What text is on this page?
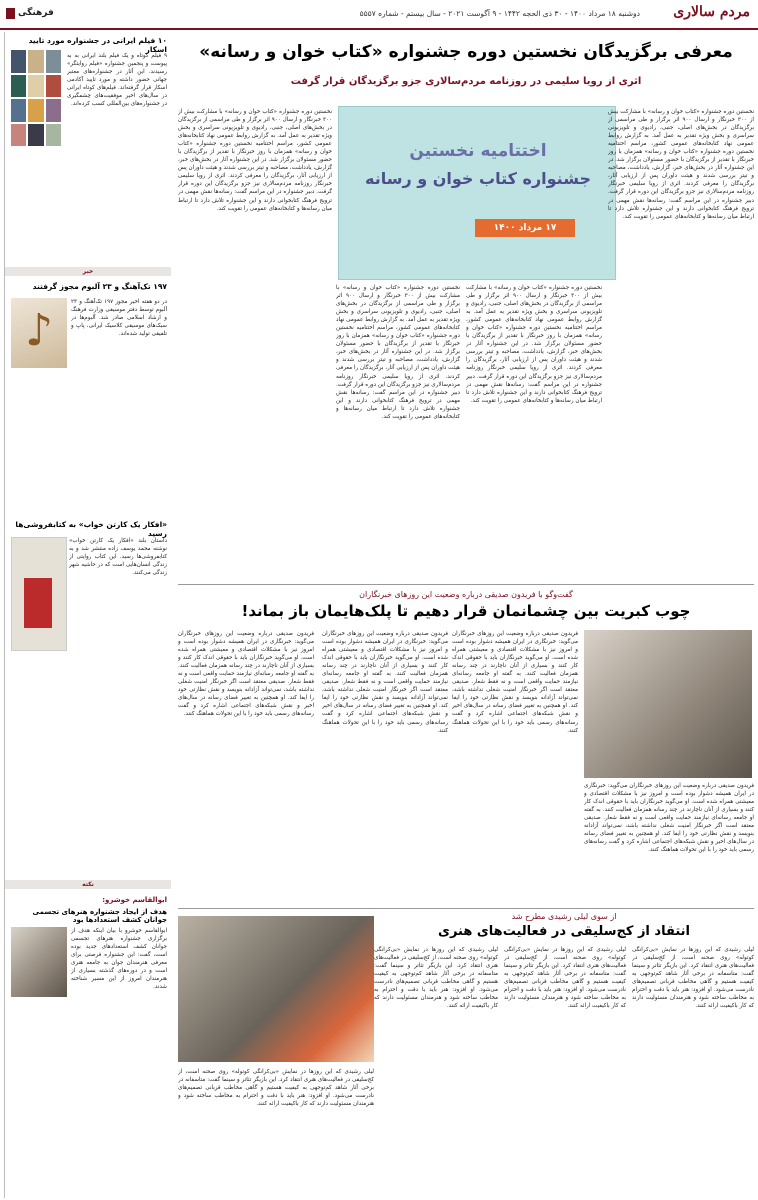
مردم سالاری
دوشنبه ۱۸ مرداد ۱۴۰۰ - ۳۰ ذی الحجه ۱۴۴۲ - ۹ آگوست ۲۰۲۱ - سال بیستم - شماره ۵۵۵۷
فرهنگی
۱۰ فیلم ایرانی در جشنواره مورد تایید اسکار
۹ فیلم کوتاه و یک فیلم بلند ایرانی به به پیوست و پنجمین جشنواره «فیلم روایتگر» رسیدند. این آثار در جشنواره‌های معتبر جهانی حضور داشته و مورد تایید آکادمی اسکار قرار گرفته‌اند. فیلم‌های کوتاه ایرانی در سال‌های اخیر موفقیت‌های چشمگیری در جشنواره‌های بین‌المللی کسب کرده‌اند.
خبر
۱۹۷ تک‌آهنگ و ۲۳ آلبوم مجوز گرفتند
♪
در دو هفته اخیر مجوز ۱۹۷ تک‌آهنگ و ۲۳ آلبوم توسط دفتر موسیقی وزارت فرهنگ و ارشاد اسلامی صادر شد. آلبوم‌ها در سبک‌های موسیقی کلاسیک ایرانی، پاپ و تلفیقی تولید شده‌اند.
«افکار یک کارتن خواب» به کتابفروشی‌ها رسید
داستان بلند «افکار یک کارتن خواب» نوشته محمد یوسف زاده منتشر شد و به کتابفروشی‌ها رسید. این کتاب روایتی از زندگی انسان‌هایی است که در حاشیه شهر زندگی می‌کنند.
نکته
ابوالقاسم خوشرو:
هدف از ایجاد جشنواره هنرهای تجسمی جوانان کشف استعدادها بود
ابوالقاسم خوشرو با بیان اینکه هدف از برگزاری جشنواره هنرهای تجسمی جوانان کشف استعدادهای جدید بوده است، گفت: این جشنواره فرصتی برای معرفی هنرمندان جوان به جامعه هنری است و در دوره‌های گذشته بسیاری از هنرمندان امروز از این مسیر شناخته شدند.
معرفی برگزیدگان نخستین دوره جشنواره «کتاب خوان و رسانه»
اثری از رویا سلیمی در روزنامه مردم‌سالاری جزو برگزیدگان قرار گرفت
اختتامیه نخستین
جشنواره کتاب خوان و رسانه
۱۷ مرداد ۱۴۰۰
نخستین دوره جشنواره «کتاب خوان و رسانه» با مشارکت بیش از ۳۰۰ خبرنگار و ارسال ۹۰۰ اثر برگزار و طی مراسمی از برگزیدگان در بخش‌های اصلی، جنبی، رادیوی و تلویزیونی سراسری و بخش ویژه تقدیر به عمل آمد. به گزارش روابط عمومی نهاد کتابخانه‌های عمومی کشور، مراسم اختتامیه نخستین دوره جشنواره «کتاب خوان و رسانه» همزمان با روز خبرنگار با تقدیر از برگزیدگان با حضور مسئولان برگزار شد. در این جشنواره آثار در بخش‌های خبر، گزارش، یادداشت، مصاحبه و تیتر بررسی شدند و هیئت داوران پس از ارزیابی آثار، برگزیدگان را معرفی کردند. اثری از رویا سلیمی خبرنگار روزنامه مردم‌سالاری نیز جزو برگزیدگان این دوره قرار گرفت. دبیر جشنواره در این مراسم گفت: رسانه‌ها نقش مهمی در ترویج فرهنگ کتابخوانی دارند و این جشنواره تلاش دارد تا ارتباط میان رسانه‌ها و کتابخانه‌های عمومی را تقویت کند.
نخستین دوره جشنواره «کتاب خوان و رسانه» با مشارکت بیش از ۳۰۰ خبرنگار و ارسال ۹۰۰ اثر برگزار و طی مراسمی از برگزیدگان در بخش‌های اصلی، جنبی، رادیوی و تلویزیونی سراسری و بخش ویژه تقدیر به عمل آمد. به گزارش روابط عمومی نهاد کتابخانه‌های عمومی کشور، مراسم اختتامیه نخستین دوره جشنواره «کتاب خوان و رسانه» همزمان با روز خبرنگار با تقدیر از برگزیدگان با حضور مسئولان برگزار شد. در این جشنواره آثار در بخش‌های خبر، گزارش، یادداشت، مصاحبه و تیتر بررسی شدند و هیئت داوران پس از ارزیابی آثار، برگزیدگان را معرفی کردند. اثری از رویا سلیمی خبرنگار روزنامه مردم‌سالاری نیز جزو برگزیدگان این دوره قرار گرفت. دبیر جشنواره در این مراسم گفت: رسانه‌ها نقش مهمی در ترویج فرهنگ کتابخوانی دارند و این جشنواره تلاش دارد تا ارتباط میان رسانه‌ها و کتابخانه‌های عمومی را تقویت کند.
نخستین دوره جشنواره «کتاب خوان و رسانه» با مشارکت بیش از ۳۰۰ خبرنگار و ارسال ۹۰۰ اثر برگزار و طی مراسمی از برگزیدگان در بخش‌های اصلی، جنبی، رادیوی و تلویزیونی سراسری و بخش ویژه تقدیر به عمل آمد. به گزارش روابط عمومی نهاد کتابخانه‌های عمومی کشور، مراسم اختتامیه نخستین دوره جشنواره «کتاب خوان و رسانه» همزمان با روز خبرنگار با تقدیر از برگزیدگان با حضور مسئولان برگزار شد. در این جشنواره آثار در بخش‌های خبر، گزارش، یادداشت، مصاحبه و تیتر بررسی شدند و هیئت داوران پس از ارزیابی آثار، برگزیدگان را معرفی کردند. اثری از رویا سلیمی خبرنگار روزنامه مردم‌سالاری نیز جزو برگزیدگان این دوره قرار گرفت. دبیر جشنواره در این مراسم گفت: رسانه‌ها نقش مهمی در ترویج فرهنگ کتابخوانی دارند و این جشنواره تلاش دارد تا ارتباط میان رسانه‌ها و کتابخانه‌های عمومی را تقویت کند.
نخستین دوره جشنواره «کتاب خوان و رسانه» با مشارکت بیش از ۳۰۰ خبرنگار و ارسال ۹۰۰ اثر برگزار و طی مراسمی از برگزیدگان در بخش‌های اصلی، جنبی، رادیوی و تلویزیونی سراسری و بخش ویژه تقدیر به عمل آمد. به گزارش روابط عمومی نهاد کتابخانه‌های عمومی کشور، مراسم اختتامیه نخستین دوره جشنواره «کتاب خوان و رسانه» همزمان با روز خبرنگار با تقدیر از برگزیدگان با حضور مسئولان برگزار شد. در این جشنواره آثار در بخش‌های خبر، گزارش، یادداشت، مصاحبه و تیتر بررسی شدند و هیئت داوران پس از ارزیابی آثار، برگزیدگان را معرفی کردند. اثری از رویا سلیمی خبرنگار روزنامه مردم‌سالاری نیز جزو برگزیدگان این دوره قرار گرفت. دبیر جشنواره در این مراسم گفت: رسانه‌ها نقش مهمی در ترویج فرهنگ کتابخوانی دارند و این جشنواره تلاش دارد تا ارتباط میان رسانه‌ها و کتابخانه‌های عمومی را تقویت کند.
گفت‌وگو با فریدون صدیقی درباره وضعیت این روزهای خبرنگاران
چوب کبریت بین چشمانمان قرار دهیم تا پلک‌هایمان باز بماند!
فریدون صدیقی درباره وضعیت این روزهای خبرنگاران می‌گوید: خبرنگاری در ایران همیشه دشوار بوده است و امروز نیز با مشکلات اقتصادی و معیشتی همراه شده است. او می‌گوید خبرنگاران باید با حقوقی اندک کار کنند و بسیاری از آنان ناچارند در چند رسانه همزمان فعالیت کنند. به گفته او جامعه رسانه‌ای نیازمند حمایت واقعی است و نه فقط شعار. صدیقی معتقد است اگر خبرنگار امنیت شغلی نداشته باشد، نمی‌تواند آزادانه بنویسد و نقش نظارتی خود را ایفا کند. او همچنین به تغییر فضای رسانه در سال‌های اخیر و نقش شبکه‌های اجتماعی اشاره کرد و گفت رسانه‌های رسمی باید خود را با این تحولات هماهنگ کنند.
فریدون صدیقی درباره وضعیت این روزهای خبرنگاران می‌گوید: خبرنگاری در ایران همیشه دشوار بوده است و امروز نیز با مشکلات اقتصادی و معیشتی همراه شده است. او می‌گوید خبرنگاران باید با حقوقی اندک کار کنند و بسیاری از آنان ناچارند در چند رسانه همزمان فعالیت کنند. به گفته او جامعه رسانه‌ای نیازمند حمایت واقعی است و نه فقط شعار. صدیقی معتقد است اگر خبرنگار امنیت شغلی نداشته باشد، نمی‌تواند آزادانه بنویسد و نقش نظارتی خود را ایفا کند. او همچنین به تغییر فضای رسانه در سال‌های اخیر و نقش شبکه‌های اجتماعی اشاره کرد و گفت رسانه‌های رسمی باید خود را با این تحولات هماهنگ کنند.
فریدون صدیقی درباره وضعیت این روزهای خبرنگاران می‌گوید: خبرنگاری در ایران همیشه دشوار بوده است و امروز نیز با مشکلات اقتصادی و معیشتی همراه شده است. او می‌گوید خبرنگاران باید با حقوقی اندک کار کنند و بسیاری از آنان ناچارند در چند رسانه همزمان فعالیت کنند. به گفته او جامعه رسانه‌ای نیازمند حمایت واقعی است و نه فقط شعار. صدیقی معتقد است اگر خبرنگار امنیت شغلی نداشته باشد، نمی‌تواند آزادانه بنویسد و نقش نظارتی خود را ایفا کند. او همچنین به تغییر فضای رسانه در سال‌های اخیر و نقش شبکه‌های اجتماعی اشاره کرد و گفت رسانه‌های رسمی باید خود را با این تحولات هماهنگ کنند.
فریدون صدیقی درباره وضعیت این روزهای خبرنگاران می‌گوید: خبرنگاری در ایران همیشه دشوار بوده است و امروز نیز با مشکلات اقتصادی و معیشتی همراه شده است. او می‌گوید خبرنگاران باید با حقوقی اندک کار کنند و بسیاری از آنان ناچارند در چند رسانه همزمان فعالیت کنند. به گفته او جامعه رسانه‌ای نیازمند حمایت واقعی است و نه فقط شعار. صدیقی معتقد است اگر خبرنگار امنیت شغلی نداشته باشد، نمی‌تواند آزادانه بنویسد و نقش نظارتی خود را ایفا کند. او همچنین به تغییر فضای رسانه در سال‌های اخیر و نقش شبکه‌های اجتماعی اشاره کرد و گفت رسانه‌های رسمی باید خود را با این تحولات هماهنگ کنند.
از سوی لیلی رشیدی مطرح شد
انتقاد از کج‌سلیقی در فعالیت‌های هنری
لیلی رشیدی که این روزها در نمایش «بی‌کرانگی کوتوله» روی صحنه است، از کج‌سلیقی در فعالیت‌های هنری انتقاد کرد. این بازیگر تئاتر و سینما گفت: متاسفانه در برخی آثار شاهد کم‌توجهی به کیفیت هستیم و گاهی مخاطب قربانی تصمیم‌های نادرست می‌شود. او افزود: هنر باید با دقت و احترام به مخاطب ساخته شود و هنرمندان مسئولیت دارند که کار باکیفیت ارائه کنند.
لیلی رشیدی که این روزها در نمایش «بی‌کرانگی کوتوله» روی صحنه است، از کج‌سلیقی در فعالیت‌های هنری انتقاد کرد. این بازیگر تئاتر و سینما گفت: متاسفانه در برخی آثار شاهد کم‌توجهی به کیفیت هستیم و گاهی مخاطب قربانی تصمیم‌های نادرست می‌شود. او افزود: هنر باید با دقت و احترام به مخاطب ساخته شود و هنرمندان مسئولیت دارند که کار باکیفیت ارائه کنند.
لیلی رشیدی که این روزها در نمایش «بی‌کرانگی کوتوله» روی صحنه است، از کج‌سلیقی در فعالیت‌های هنری انتقاد کرد. این بازیگر تئاتر و سینما گفت: متاسفانه در برخی آثار شاهد کم‌توجهی به کیفیت هستیم و گاهی مخاطب قربانی تصمیم‌های نادرست می‌شود. او افزود: هنر باید با دقت و احترام به مخاطب ساخته شود و هنرمندان مسئولیت دارند که کار باکیفیت ارائه کنند.
لیلی رشیدی که این روزها در نمایش «بی‌کرانگی کوتوله» روی صحنه است، از کج‌سلیقی در فعالیت‌های هنری انتقاد کرد. این بازیگر تئاتر و سینما گفت: متاسفانه در برخی آثار شاهد کم‌توجهی به کیفیت هستیم و گاهی مخاطب قربانی تصمیم‌های نادرست می‌شود. او افزود: هنر باید با دقت و احترام به مخاطب ساخته شود و هنرمندان مسئولیت دارند که کار باکیفیت ارائه کنند.
